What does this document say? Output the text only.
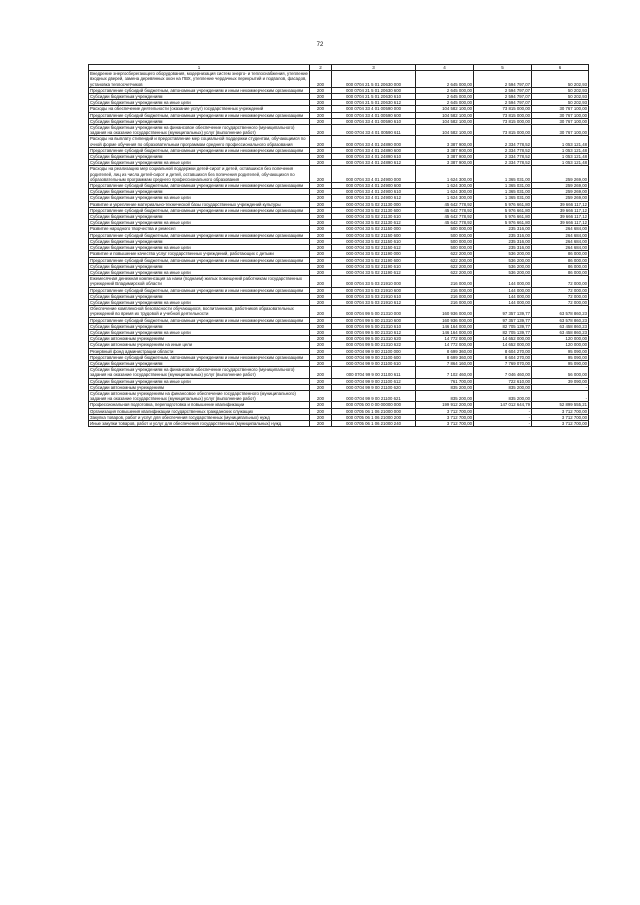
72
1	2	3	4	5	6
Внедрение энергосберегающего оборудования, модернизация систем энерго- и теплоснабжения, утепление входных дверей, замена деревянных окон на ПВХ, утепление чердачных перекрытий и подвалов, фасадов, установка теплосчетчиков	200	000 0704 21 5 01 20630 000	2 645 000,00	2 594 797,07	50 202,93
Предоставление субсидий бюджетным, автономным учреждениям и иным некоммерческим организациям	200	000 0704 21 5 01 20630 600	2 645 000,00	2 594 797,07	50 202,93
Субсидии бюджетным учреждениям	200	000 0704 21 5 01 20630 610	2 645 000,00	2 594 797,07	50 202,93
Субсидии бюджетным учреждениям на иные цели	200	000 0704 21 5 01 20630 612	2 645 000,00	2 594 797,07	50 202,93
Расходы на обеспечение деятельности (оказание услуг) государственных учреждений	200	000 0704 33 4 01 00590 000	104 582 100,00	73 815 000,00	30 767 100,00
Предоставление субсидий бюджетным, автономным учреждениям и иным некоммерческим организациям	200	000 0704 33 4 01 00590 600	104 582 100,00	73 815 000,00	30 767 100,00
Субсидии бюджетным учреждениям	200	000 0704 33 4 01 00590 610	104 582 100,00	73 815 000,00	30 767 100,00
Субсидии бюджетным учреждениям на финансовое обеспечение государственного (муниципального) задания на оказание государственных (муниципальных) услуг (выполнение работ)	200	000 0704 33 4 01 00590 611	104 582 100,00	73 815 000,00	30 767 100,00
Расходы на выплату стипендий и предоставление мер социальной поддержки студентам, обучающимся по очной форме обучения по образовательным программам среднего профессионального образования	200	000 0704 33 4 01 24890 000	3 387 900,00	2 334 778,52	1 053 121,48
Предоставление субсидий бюджетным, автономным учреждениям и иным некоммерческим организациям	200	000 0704 33 4 01 24890 600	3 387 900,00	2 334 778,52	1 053 121,48
Субсидии бюджетным учреждениям	200	000 0704 33 4 01 24890 610	3 387 900,00	2 334 778,52	1 053 121,48
Субсидии бюджетным учреждениям на иные цели	200	000 0704 33 4 01 24890 612	3 387 900,00	2 334 778,52	1 053 121,48
Расходы на реализацию мер социальной поддержки детей-сирот и детей, оставшихся без попечения родителей, лиц из числа детей-сирот и детей, оставшихся без попечения родителей, обучающихся по образовательным программам среднего профессионального образования	200	000 0704 33 4 01 24900 000	1 624 300,00	1 365 031,00	259 269,00
Предоставление субсидий бюджетным, автономным учреждениям и иным некоммерческим организациям	200	000 0704 33 4 01 24900 600	1 624 300,00	1 365 031,00	259 269,00
Субсидии бюджетным учреждениям	200	000 0704 33 4 01 24900 610	1 624 300,00	1 365 031,00	259 269,00
Субсидии бюджетным учреждениям на иные цели	200	000 0704 33 4 01 24900 612	1 624 300,00	1 365 031,00	259 269,00
Развитие и укрепление материально-технической базы государственных учреждений культуры	200	000 0704 33 5 02 21130 000	45 642 778,92	5 976 661,80	39 666 117,12
Предоставление субсидий бюджетным, автономным учреждениям и иным некоммерческим организациям	200	000 0704 33 5 02 21130 600	45 642 778,92	5 976 661,80	39 666 117,12
Субсидии бюджетным учреждениям	200	000 0704 33 5 02 21130 610	45 642 778,92	5 976 661,80	39 666 117,12
Субсидии бюджетным учреждениям на иные цели	200	000 0704 33 5 02 21130 612	45 642 778,92	5 976 661,80	39 666 117,12
Развитие народного творчества и ремесел	200	000 0704 33 5 02 21150 000	500 000,00	235 316,00	264 684,00
Предоставление субсидий бюджетным, автономным учреждениям и иным некоммерческим организациям	200	000 0704 33 5 02 21150 600	500 000,00	235 316,00	264 684,00
Субсидии бюджетным учреждениям	200	000 0704 33 5 02 21150 610	500 000,00	235 316,00	264 684,00
Субсидии бюджетным учреждениям на иные цели	200	000 0704 33 5 02 21150 612	500 000,00	235 316,00	264 684,00
Развитие и повышение качества услуг государственных учреждений, работающих с детьми	200	000 0704 33 5 02 21190 000	622 200,00	536 200,00	86 000,00
Предоставление субсидий бюджетным, автономным учреждениям и иным некоммерческим организациям	200	000 0704 33 5 02 21190 600	622 200,00	536 200,00	86 000,00
Субсидии бюджетным учреждениям	200	000 0704 33 5 02 21190 610	622 200,00	536 200,00	86 000,00
Субсидии бюджетным учреждениям на иные цели	200	000 0704 33 5 02 21190 612	622 200,00	536 200,00	86 000,00
Ежемесячная денежная компенсация за наем (поднаем) жилых помещений работникам государственных учреждений Владимирской области	200	000 0704 33 5 03 21910 000	216 000,00	144 000,00	72 000,00
Предоставление субсидий бюджетным, автономным учреждениям и иным некоммерческим организациям	200	000 0704 33 5 03 21910 600	216 000,00	144 000,00	72 000,00
Субсидии бюджетным учреждениям	200	000 0704 33 5 03 21910 610	216 000,00	144 000,00	72 000,00
Субсидии бюджетным учреждениям на иные цели	200	000 0704 33 5 03 21910 612	216 000,00	144 000,00	72 000,00
Обеспечение комплексной безопасности обучающихся, воспитанников, работников образовательных учреждений во время их трудовой и учебной деятельности	200	000 0704 99 5 00 21310 000	160 936 000,00	97 357 139,77	63 578 860,23
Предоставление субсидий бюджетным, автономным учреждениям и иным некоммерческим организациям	200	000 0704 99 5 00 21310 600	160 936 000,00	97 357 139,77	63 578 860,23
Субсидии бюджетным учреждениям	200	000 0704 99 5 00 21310 610	146 164 000,00	82 705 139,77	63 458 860,23
Субсидии бюджетным учреждениям на иные цели	200	000 0704 99 5 00 21310 612	146 164 000,00	82 705 139,77	63 458 860,23
Субсидии автономным учреждениям	200	000 0704 99 5 00 21310 620	14 772 000,00	14 652 000,00	120 000,00
Субсидии автономным учреждениям на иные цели	200	000 0704 99 5 00 21310 622	14 772 000,00	14 652 000,00	120 000,00
Резервный фонд администрации области	200	000 0704 99 9 00 21100 000	8 699 360,00	8 604 270,00	95 090,00
Предоставление субсидий бюджетным, автономным учреждениям и иным некоммерческим организациям	200	000 0704 99 9 00 21100 600	8 699 360,00	8 604 270,00	95 090,00
Субсидии бюджетным учреждениям	200	000 0704 99 9 00 21100 610	7 864 160,00	7 769 070,00	95 090,00
Субсидии бюджетным учреждениям на финансовое обеспечение государственного (муниципального) задания на оказание государственных (муниципальных) услуг (выполнение работ)	200	000 0704 99 9 00 21100 611	7 102 460,00	7 046 460,00	56 000,00
Субсидии бюджетным учреждениям на иные цели	200	000 0704 99 9 00 21100 612	761 700,00	722 610,00	39 090,00
Субсидии автономным учреждениям	200	000 0704 99 9 00 21100 620	835 200,00	835 200,00	-
Субсидии автономным учреждениям на финансовое обеспечение государственного (муниципального) задания на оказание государственных (муниципальных) услуг (выполнение работ)	200	000 0704 99 9 00 21100 621	835 200,00	835 200,00	-
Профессиональная подготовка, переподготовка и повышение квалификации	200	000 0705 00 0 00 00000 000	199 912 200,00	147 012 644,79	52 899 555,21
Организация повышения квалификации государственных гражданских служащих	200	000 0705 06 1 06 21000 000	3 712 700,00	-	3 712 700,00
Закупка товаров, работ и услуг для обеспечения государственных (муниципальных) нужд	200	000 0705 06 1 06 21000 200	3 712 700,00	-	3 712 700,00
Иные закупки товаров, работ и услуг для обеспечения государственных (муниципальных) нужд	200	000 0705 06 1 06 21000 240	3 712 700,00	-	3 712 700,00
